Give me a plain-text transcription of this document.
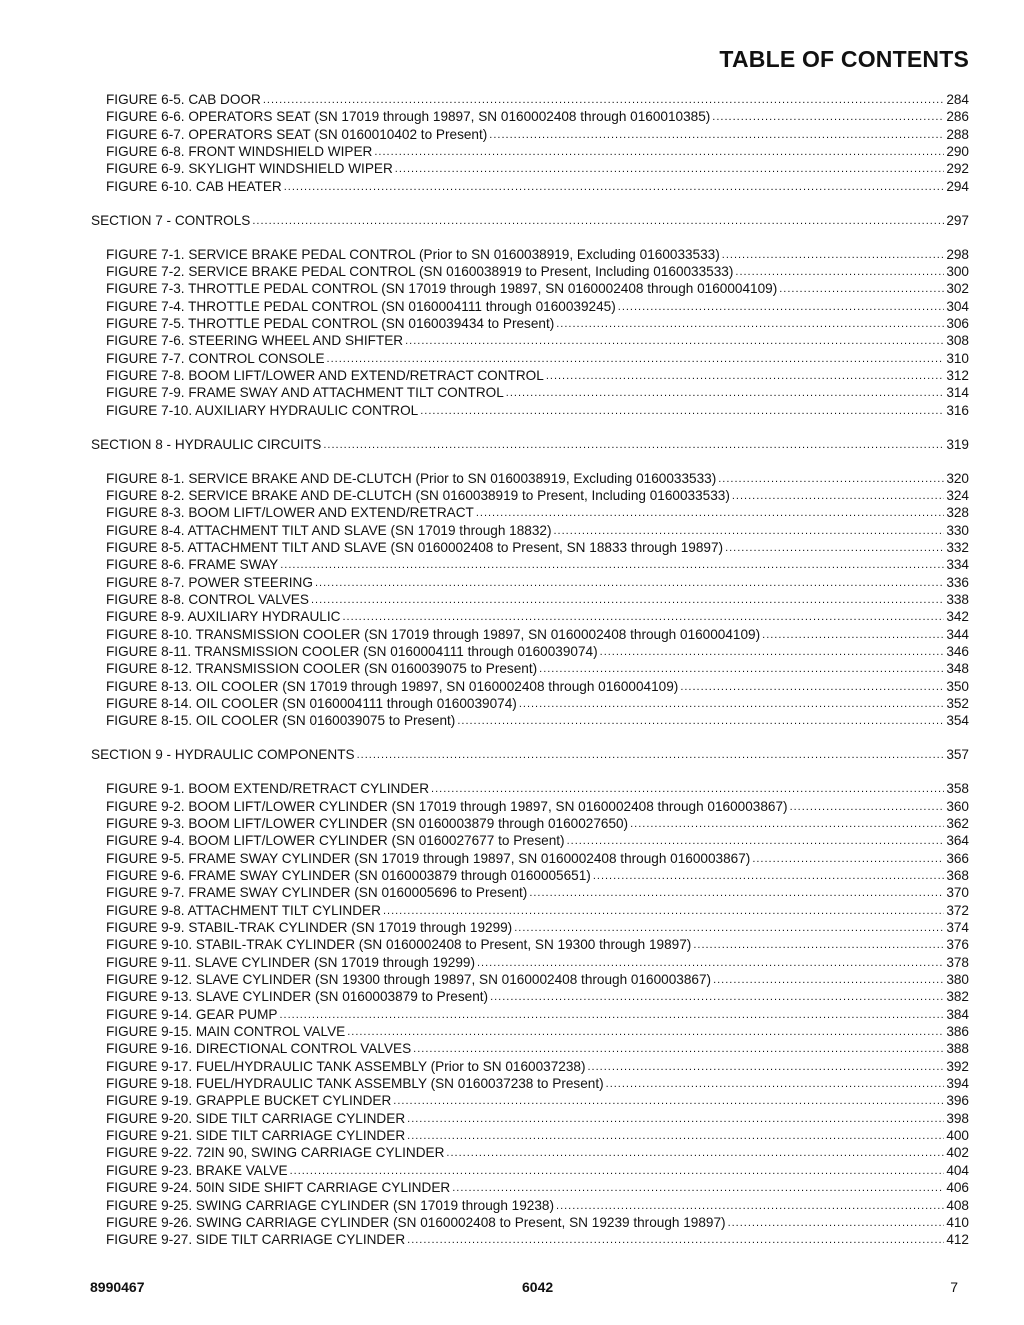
TABLE OF CONTENTS
FIGURE 6-5. CAB DOOR .....	284
FIGURE 6-6. OPERATORS SEAT (SN 17019 through 19897, SN 0160002408 through 0160010385) .....	286
FIGURE 6-7. OPERATORS SEAT (SN 0160010402 to Present) .....	288
FIGURE 6-8. FRONT WINDSHIELD WIPER .....	290
FIGURE 6-9. SKYLIGHT WINDSHIELD WIPER .....	292
FIGURE 6-10. CAB HEATER .....	294
SECTION 7 - CONTROLS .....	297
FIGURE 7-1. SERVICE BRAKE PEDAL CONTROL (Prior to SN 0160038919, Excluding 0160033533) .....	298
FIGURE 7-2. SERVICE BRAKE PEDAL CONTROL (SN 0160038919 to Present, Including 0160033533) .....	300
FIGURE 7-3. THROTTLE PEDAL CONTROL (SN 17019 through 19897, SN 0160002408 through 0160004109) .....	302
FIGURE 7-4. THROTTLE PEDAL CONTROL (SN 0160004111 through 0160039245) .....	304
FIGURE 7-5. THROTTLE PEDAL CONTROL (SN 0160039434 to Present) .....	306
FIGURE 7-6. STEERING WHEEL AND SHIFTER .....	308
FIGURE 7-7. CONTROL CONSOLE .....	310
FIGURE 7-8. BOOM LIFT/LOWER AND EXTEND/RETRACT CONTROL .....	312
FIGURE 7-9. FRAME SWAY AND ATTACHMENT TILT CONTROL .....	314
FIGURE 7-10. AUXILIARY HYDRAULIC CONTROL .....	316
SECTION 8 - HYDRAULIC CIRCUITS .....	319
FIGURE 8-1. SERVICE BRAKE AND DE-CLUTCH (Prior to SN 0160038919, Excluding 0160033533) .....	320
FIGURE 8-2. SERVICE BRAKE AND DE-CLUTCH (SN 0160038919 to Present, Including 0160033533) .....	324
FIGURE 8-3. BOOM LIFT/LOWER AND EXTEND/RETRACT .....	328
FIGURE 8-4. ATTACHMENT TILT AND SLAVE (SN 17019 through 18832) .....	330
FIGURE 8-5. ATTACHMENT TILT AND SLAVE (SN 0160002408 to Present, SN 18833 through 19897) .....	332
FIGURE 8-6. FRAME SWAY .....	334
FIGURE 8-7. POWER STEERING .....	336
FIGURE 8-8. CONTROL VALVES .....	338
FIGURE 8-9. AUXILIARY HYDRAULIC .....	342
FIGURE 8-10. TRANSMISSION COOLER (SN 17019 through 19897, SN 0160002408 through 0160004109) .....	344
FIGURE 8-11. TRANSMISSION COOLER (SN 0160004111 through 0160039074) .....	346
FIGURE 8-12. TRANSMISSION COOLER (SN 0160039075 to Present) .....	348
FIGURE 8-13. OIL COOLER (SN 17019 through 19897, SN 0160002408 through 0160004109) .....	350
FIGURE 8-14. OIL COOLER (SN 0160004111 through 0160039074) .....	352
FIGURE 8-15. OIL COOLER (SN 0160039075 to Present) .....	354
SECTION 9 - HYDRAULIC COMPONENTS .....	357
FIGURE 9-1. BOOM EXTEND/RETRACT CYLINDER .....	358
FIGURE 9-2. BOOM LIFT/LOWER CYLINDER (SN 17019 through 19897, SN 0160002408 through 0160003867) .....	360
FIGURE 9-3. BOOM LIFT/LOWER CYLINDER (SN 0160003879 through 0160027650) .....	362
FIGURE 9-4. BOOM LIFT/LOWER CYLINDER (SN 0160027677 to Present) .....	364
FIGURE 9-5. FRAME SWAY CYLINDER (SN 17019 through 19897, SN 0160002408 through 0160003867) .....	366
FIGURE 9-6. FRAME SWAY CYLINDER (SN 0160003879 through 0160005651) .....	368
FIGURE 9-7. FRAME SWAY CYLINDER (SN 0160005696 to Present) .....	370
FIGURE 9-8. ATTACHMENT TILT CYLINDER .....	372
FIGURE 9-9. STABIL-TRAK CYLINDER (SN 17019 through 19299) .....	374
FIGURE 9-10. STABIL-TRAK CYLINDER (SN 0160002408 to Present, SN 19300 through 19897) .....	376
FIGURE 9-11. SLAVE CYLINDER (SN 17019 through 19299) .....	378
FIGURE 9-12. SLAVE CYLINDER (SN 19300 through 19897, SN 0160002408 through 0160003867) .....	380
FIGURE 9-13. SLAVE CYLINDER (SN 0160003879 to Present) .....	382
FIGURE 9-14. GEAR PUMP .....	384
FIGURE 9-15. MAIN CONTROL VALVE .....	386
FIGURE 9-16. DIRECTIONAL CONTROL VALVES .....	388
FIGURE 9-17. FUEL/HYDRAULIC TANK ASSEMBLY (Prior to SN 0160037238) .....	392
FIGURE 9-18. FUEL/HYDRAULIC TANK ASSEMBLY (SN 0160037238 to Present) .....	394
FIGURE 9-19. GRAPPLE BUCKET CYLINDER .....	396
FIGURE 9-20. SIDE TILT CARRIAGE CYLINDER .....	398
FIGURE 9-21. SIDE TILT CARRIAGE CYLINDER .....	400
FIGURE 9-22. 72IN 90, SWING CARRIAGE CYLINDER .....	402
FIGURE 9-23. BRAKE VALVE .....	404
FIGURE 9-24. 50IN SIDE SHIFT CARRIAGE CYLINDER .....	406
FIGURE 9-25. SWING CARRIAGE CYLINDER (SN 17019 through 19238) .....	408
FIGURE 9-26. SWING CARRIAGE CYLINDER (SN 0160002408 to Present, SN 19239 through 19897) .....	410
FIGURE 9-27. SIDE TILT CARRIAGE CYLINDER .....	412
8990467	6042	7
